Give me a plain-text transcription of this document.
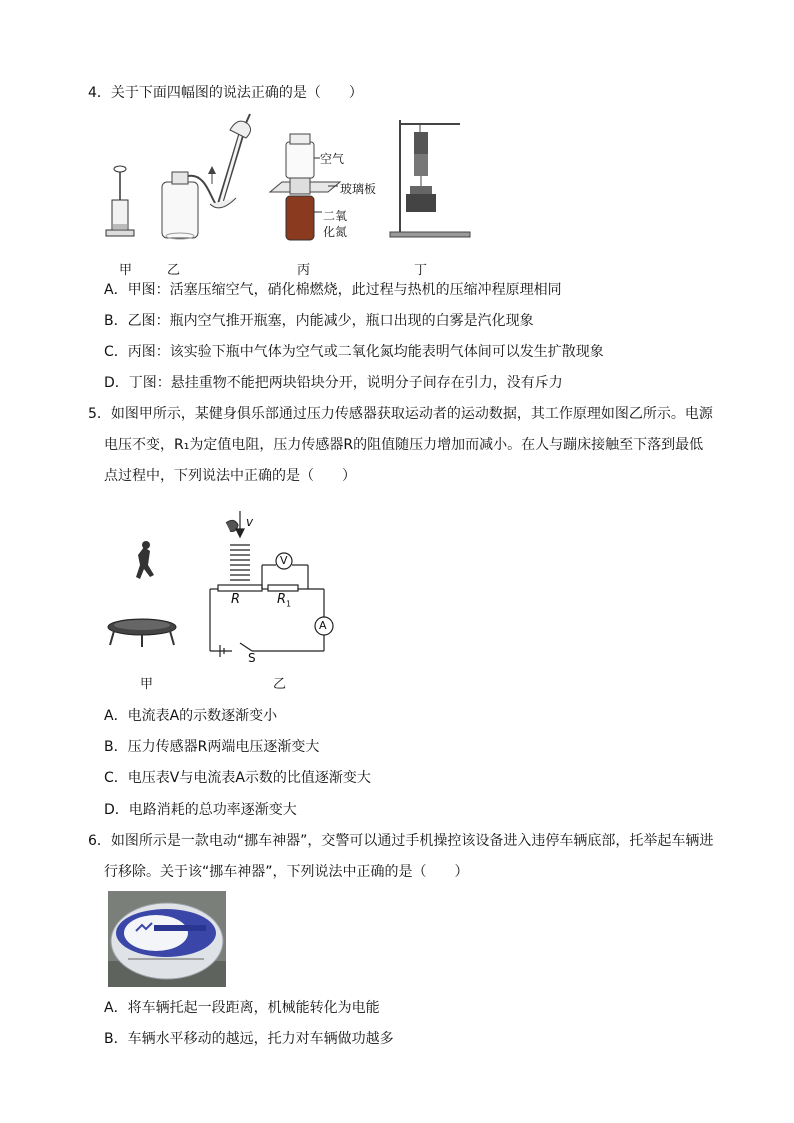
4．关于下面四幅图的说法正确的是（　　）
空气
玻璃板
二氧
化氮
甲	乙	丙	丁
A．甲图：活塞压缩空气，硝化棉燃烧，此过程与热机的压缩冲程原理相同
B．乙图：瓶内空气推开瓶塞，内能减少，瓶口出现的白雾是汽化现象
C．丙图：该实验下瓶中气体为空气或二氧化氮均能表明气体间可以发生扩散现象
D．丁图：悬挂重物不能把两块铅块分开，说明分子间存在引力，没有斥力
5．如图甲所示，某健身俱乐部通过压力传感器获取运动者的运动数据，其工作原理如图乙所示。电源
电压不变，R₁为定值电阻，压力传感器R的阻值随压力增加而减小。在人与蹦床接触至下落到最低
点过程中，下列说法中正确的是（　　）
v
V
A
R	$R_1$
S
甲	乙
A．电流表A的示数逐渐变小
B．压力传感器R两端电压逐渐变大
C．电压表V与电流表A示数的比值逐渐变大
D．电路消耗的总功率逐渐变大
6．如图所示是一款电动“挪车神器”，交警可以通过手机操控该设备进入违停车辆底部，托举起车辆进
行移除。关于该“挪车神器”，下列说法中正确的是（　　）
A．将车辆托起一段距离，机械能转化为电能
B．车辆水平移动的越远，托力对车辆做功越多
